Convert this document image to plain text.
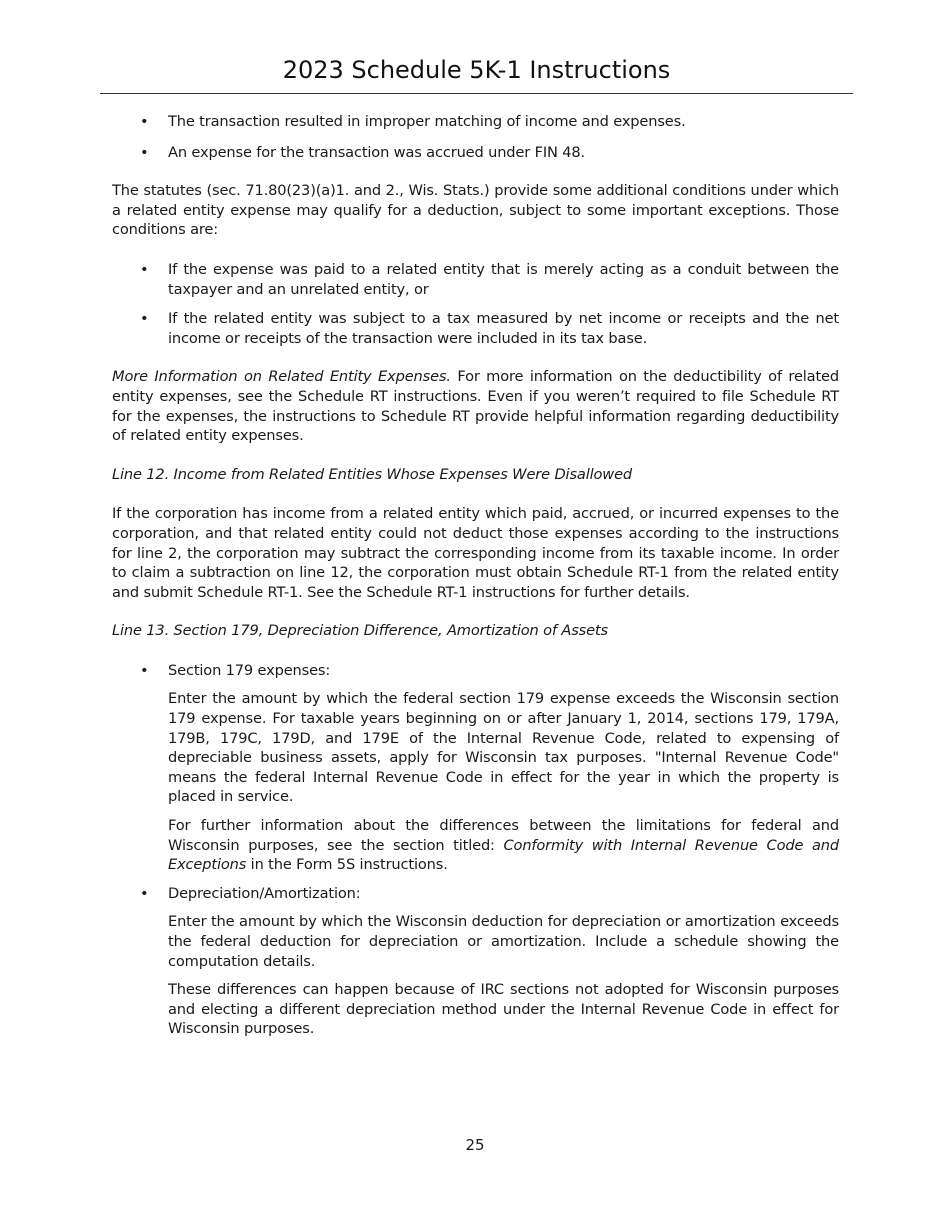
2023 Schedule 5K-1 Instructions
• The transaction resulted in improper matching of income and expenses.
• An expense for the transaction was accrued under FIN 48.

The statutes (sec. 71.80(23)(a)1. and 2., Wis. Stats.) provide some additional conditions under which a related entity expense may qualify for a deduction, subject to some important exceptions. Those conditions are:

• If the expense was paid to a related entity that is merely acting as a conduit between the taxpayer and an unrelated entity, or
• If the related entity was subject to a tax measured by net income or receipts and the net income or receipts of the transaction were included in its tax base.

More Information on Related Entity Expenses. For more information on the deductibility of related entity expenses, see the Schedule RT instructions. Even if you weren’t required to file Schedule RT for the expenses, the instructions to Schedule RT provide helpful information regarding deductibility of related entity expenses.

Line 12. Income from Related Entities Whose Expenses Were Disallowed

If the corporation has income from a related entity which paid, accrued, or incurred expenses to the corporation, and that related entity could not deduct those expenses according to the instructions for line 2, the corporation may subtract the corresponding income from its taxable income. In order to claim a subtraction on line 12, the corporation must obtain Schedule RT-1 from the related entity and submit Schedule RT-1. See the Schedule RT-1 instructions for further details.

Line 13. Section 179, Depreciation Difference, Amortization of Assets

• Section 179 expenses:
Enter the amount by which the federal section 179 expense exceeds the Wisconsin section 179 expense. For taxable years beginning on or after January 1, 2014, sections 179, 179A, 179B, 179C, 179D, and 179E of the Internal Revenue Code, related to expensing of depreciable business assets, apply for Wisconsin tax purposes. "Internal Revenue Code" means the federal Internal Revenue Code in effect for the year in which the property is placed in service.
For further information about the differences between the limitations for federal and Wisconsin purposes, see the section titled: Conformity with Internal Revenue Code and Exceptions in the Form 5S instructions.
• Depreciation/Amortization:
Enter the amount by which the Wisconsin deduction for depreciation or amortization exceeds the federal deduction for depreciation or amortization. Include a schedule showing the computation details.
These differences can happen because of IRC sections not adopted for Wisconsin purposes and electing a different depreciation method under the Internal Revenue Code in effect for Wisconsin purposes.
25
